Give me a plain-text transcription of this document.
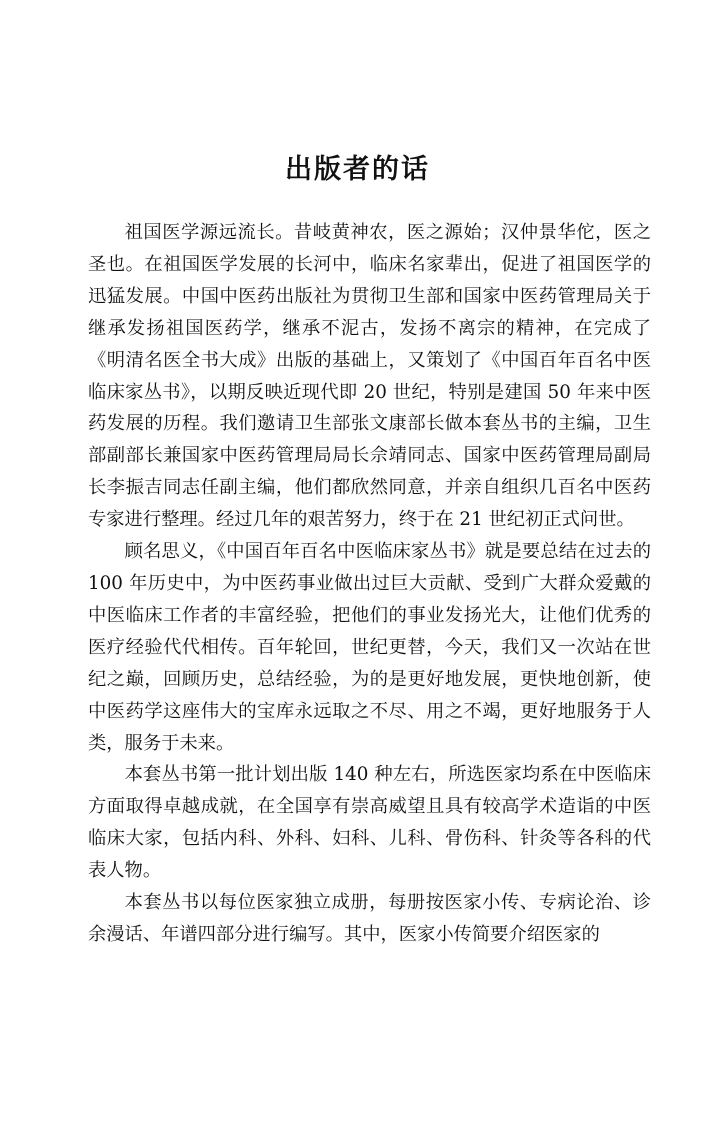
出版者的话

祖国医学源远流长。昔岐黄神农，医之源始；汉仲景华佗，医之圣也。在祖国医学发展的长河中，临床名家辈出，促进了祖国医学的迅猛发展。中国中医药出版社为贯彻卫生部和国家中医药管理局关于继承发扬祖国医药学，继承不泥古，发扬不离宗的精神，在完成了《明清名医全书大成》出版的基础上，又策划了《中国百年百名中医临床家丛书》，以期反映近现代即 20 世纪，特别是建国 50 年来中医药发展的历程。我们邀请卫生部张文康部长做本套丛书的主编，卫生部副部长兼国家中医药管理局局长佘靖同志、国家中医药管理局副局长李振吉同志任副主编，他们都欣然同意，并亲自组织几百名中医药专家进行整理。经过几年的艰苦努力，终于在 21 世纪初正式问世。

顾名思义，《中国百年百名中医临床家丛书》就是要总结在过去的 100 年历史中，为中医药事业做出过巨大贡献、受到广大群众爱戴的中医临床工作者的丰富经验，把他们的事业发扬光大，让他们优秀的医疗经验代代相传。百年轮回，世纪更替，今天，我们又一次站在世纪之巅，回顾历史，总结经验，为的是更好地发展，更快地创新，使中医药学这座伟大的宝库永远取之不尽、用之不竭，更好地服务于人类，服务于未来。

本套丛书第一批计划出版 140 种左右，所选医家均系在中医临床方面取得卓越成就，在全国享有崇高威望且具有较高学术造诣的中医临床大家，包括内科、外科、妇科、儿科、骨伤科、针灸等各科的代表人物。

本套丛书以每位医家独立成册，每册按医家小传、专病论治、诊余漫话、年谱四部分进行编写。其中，医家小传简要介绍医家的
